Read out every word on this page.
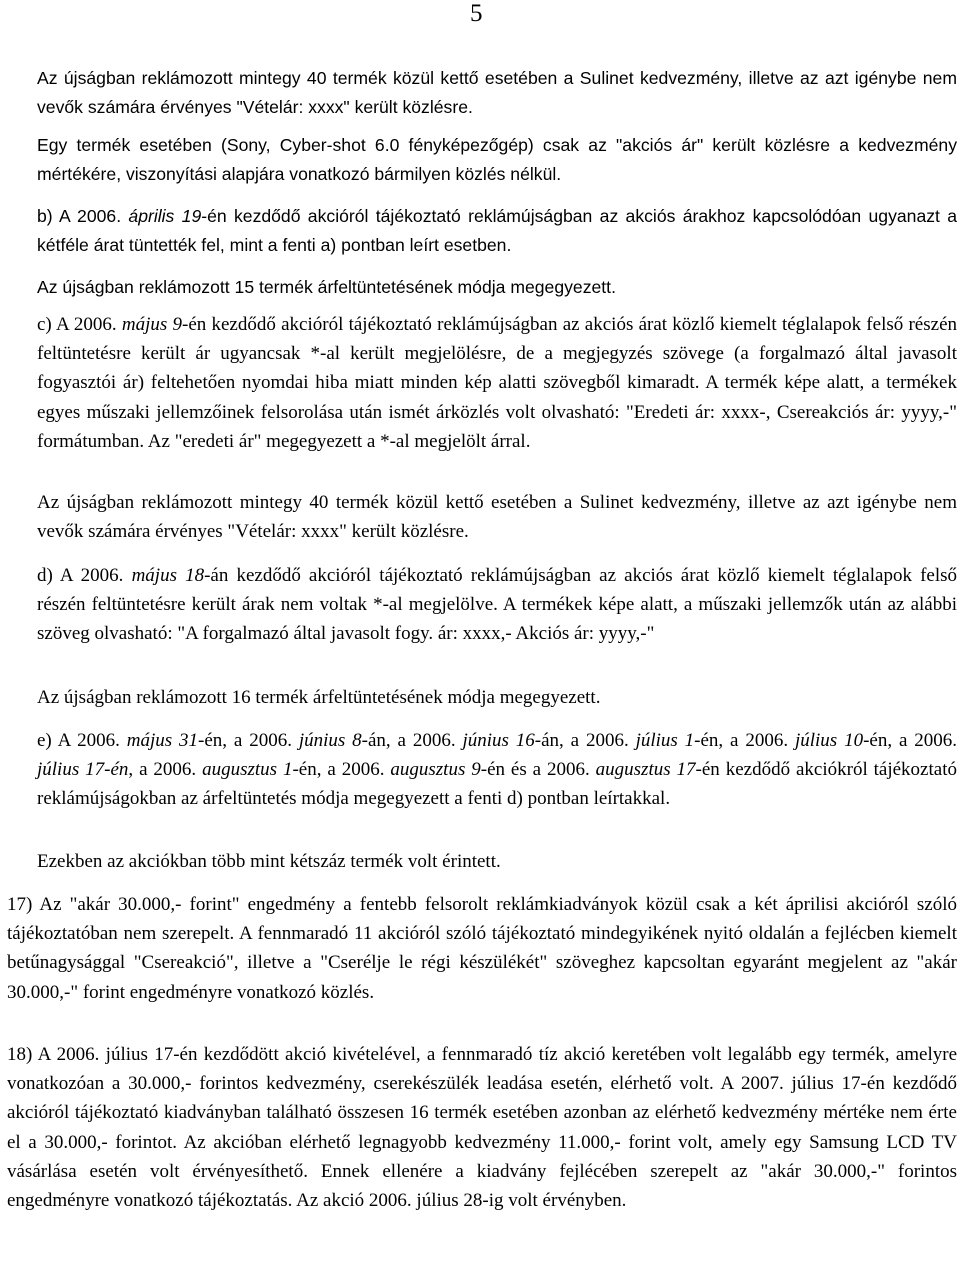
5

Az újságban reklámozott mintegy 40 termék közül kettő esetében a Sulinet kedvezmény, illetve az azt igénybe nem vevők számára érvényes "Vételár: xxxx" került közlésre.

Egy termék esetében (Sony, Cyber-shot 6.0 fényképezőgép) csak az "akciós ár" került közlésre a kedvezmény mértékére, viszonyítási alapjára vonatkozó bármilyen közlés nélkül.

b) A 2006. április 19-én kezdődő akcióról tájékoztató reklámújságban az akciós árakhoz kapcsolódóan ugyanazt a kétféle árat tüntették fel, mint a fenti a) pontban leírt esetben.

Az újságban reklámozott 15 termék árfeltüntetésének módja megegyezett.

c) A 2006. május 9-én kezdődő akcióról tájékoztató reklámújságban az akciós árat közlő kiemelt téglalapok felső részén feltüntetésre került ár ugyancsak *-al került megjelölésre, de a megjegyzés szövege (a forgalmazó által javasolt fogyasztói ár) feltehetően nyomdai hiba miatt minden kép alatti szövegből kimaradt. A termék képe alatt, a termékek egyes műszaki jellemzőinek felsorolása után ismét árközlés volt olvasható: "Eredeti ár: xxxx-, Csereakciós ár: yyyy,-" formátumban. Az "eredeti ár" megegyezett a *-al megjelölt árral.

Az újságban reklámozott mintegy 40 termék közül kettő esetében a Sulinet kedvezmény, illetve az azt igénybe nem vevők számára érvényes "Vételár: xxxx" került közlésre.

d) A 2006. május 18-án kezdődő akcióról tájékoztató reklámújságban az akciós árat közlő kiemelt téglalapok felső részén feltüntetésre került árak nem voltak *-al megjelölve. A termékek képe alatt, a műszaki jellemzők után az alábbi szöveg olvasható: "A forgalmazó által javasolt fogy. ár: xxxx,- Akciós ár: yyyy,-"

Az újságban reklámozott 16 termék árfeltüntetésének módja megegyezett.

e) A 2006. május 31-én, a 2006. június 8-án, a 2006. június 16-án, a 2006. július 1-én, a 2006. július 10-én, a 2006. július 17-én, a 2006. augusztus 1-én, a 2006. augusztus 9-én és a 2006. augusztus 17-én kezdődő akciókról tájékoztató reklámújságokban az árfeltüntetés módja megegyezett a fenti d) pontban leírtakkal.

Ezekben az akciókban több mint kétszáz termék volt érintett.

17) Az "akár 30.000,- forint" engedmény a fentebb felsorolt reklámkiadványok közül csak a két áprilisi akcióról szóló tájékoztatóban nem szerepelt. A fennmaradó 11 akcióról szóló tájékoztató mindegyikének nyitó oldalán a fejlécben kiemelt betűnagysággal "Csereakció", illetve a "Cserélje le régi készülékét" szöveghez kapcsoltan egyaránt megjelent az "akár 30.000,-" forint engedményre vonatkozó közlés.

18) A 2006. július 17-én kezdődött akció kivételével, a fennmaradó tíz akció keretében volt legalább egy termék, amelyre vonatkozóan a 30.000,- forintos kedvezmény, cserekészülék leadása esetén, elérhető volt. A 2007. július 17-én kezdődő akcióról tájékoztató kiadványban található összesen 16 termék esetében azonban az elérhető kedvezmény mértéke nem érte el a 30.000,- forintot. Az akcióban elérhető legnagyobb kedvezmény 11.000,- forint volt, amely egy Samsung LCD TV vásárlása esetén volt érvényesíthető. Ennek ellenére a kiadvány fejlécében szerepelt az "akár 30.000,-" forintos engedményre vonatkozó tájékoztatás. Az akció 2006. július 28-ig volt érvényben.
